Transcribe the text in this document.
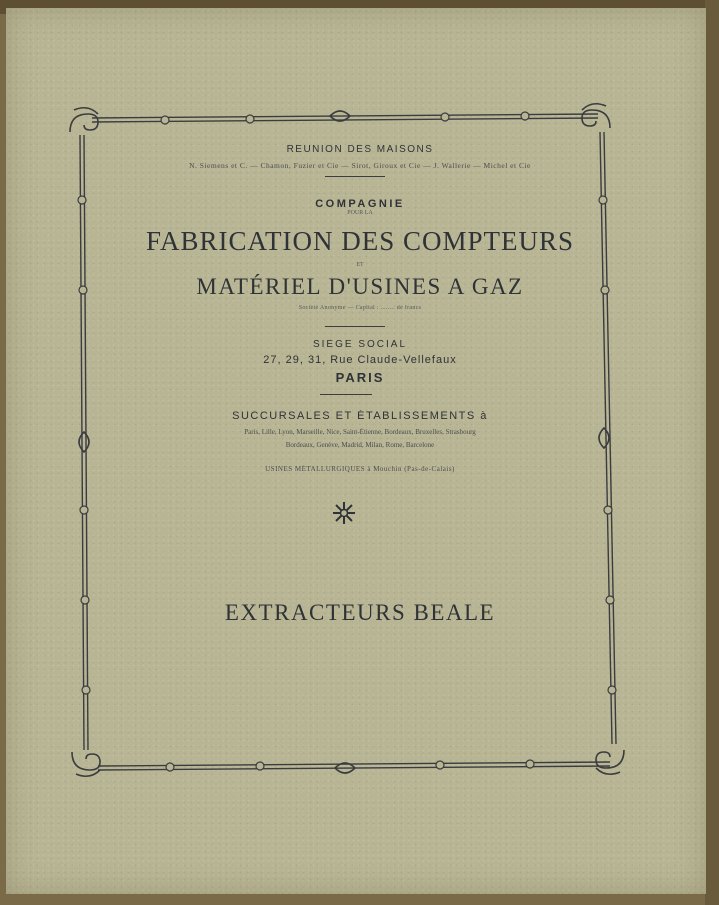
REUNION DES MAISONS
N. Siemens et C. — Chamon, Fuzier et Cie — Sirot, Giroux et Cie — J. Wallerie — Michel et Cie
COMPAGNIE
POUR LA
FABRICATION DES COMPTEURS
ET
MATÉRIEL D'USINES A GAZ
Société Anonyme — Capital : ........ de francs
SIÈGE SOCIAL
27, 29, 31, Rue Claude-Vellefaux
PARIS
SUCCURSALES ET ÉTABLISSEMENTS à
Paris, Lille, Lyon, Marseille, Nice, Saint-Étienne, Bordeaux, Bruxelles, Strasbourg
Bordeaux, Genève, Madrid, Milan, Rome, Barcelone
USINES MÉTALLURGIQUES à Mouchin (Pas-de-Calais)
EXTRACTEURS BEALE
